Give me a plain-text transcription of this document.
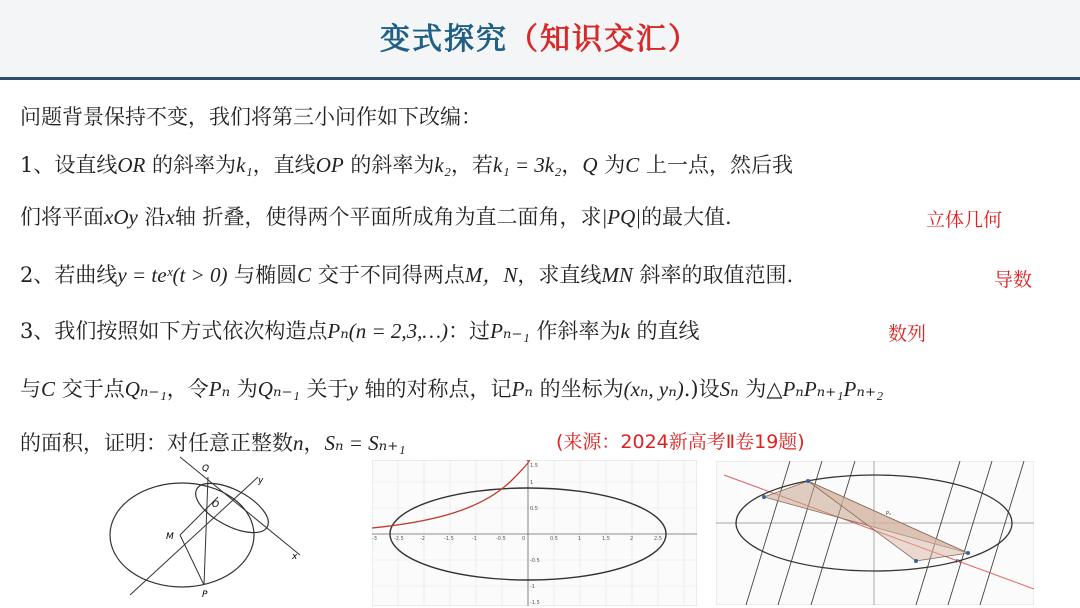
变式探究（知识交汇）
问题背景保持不变，我们将第三小问作如下改编：
1、设直线OR 的斜率为k₁，直线OP 的斜率为k₂，若k₁ = 3k₂，Q 为C 上一点，然后我
们将平面xOy 沿x轴 折叠，使得两个平面所成角为直二面角，求|PQ|的最大值.	立体几何
2、若曲线y = teˣ(t > 0) 与椭圆C 交于不同得两点M，N，求直线MN 斜率的取值范围.	导数
3、我们按照如下方式依次构造点Pₙ(n = 2,3,…)：过Pₙ₋₁ 作斜率为k 的直线	数列
与C 交于点Qₙ₋₁，令Pₙ 为Qₙ₋₁ 关于y 轴的对称点，记Pₙ 的坐标为(xₙ, yₙ).)设Sₙ 为△PₙPₙ₊₁Pₙ₊₂
的面积，证明：对任意正整数n，Sₙ = Sₙ₊₁	(来源：2024新高考Ⅱ卷19题)
Q
y
O
M
x
P
-3	-2.5	-2	-1.5	-1	-0.5	0	0.5	1	1.5	2	2.5
1.5
1
0.5
-0.5
-1
-1.5
P₁
P₂
